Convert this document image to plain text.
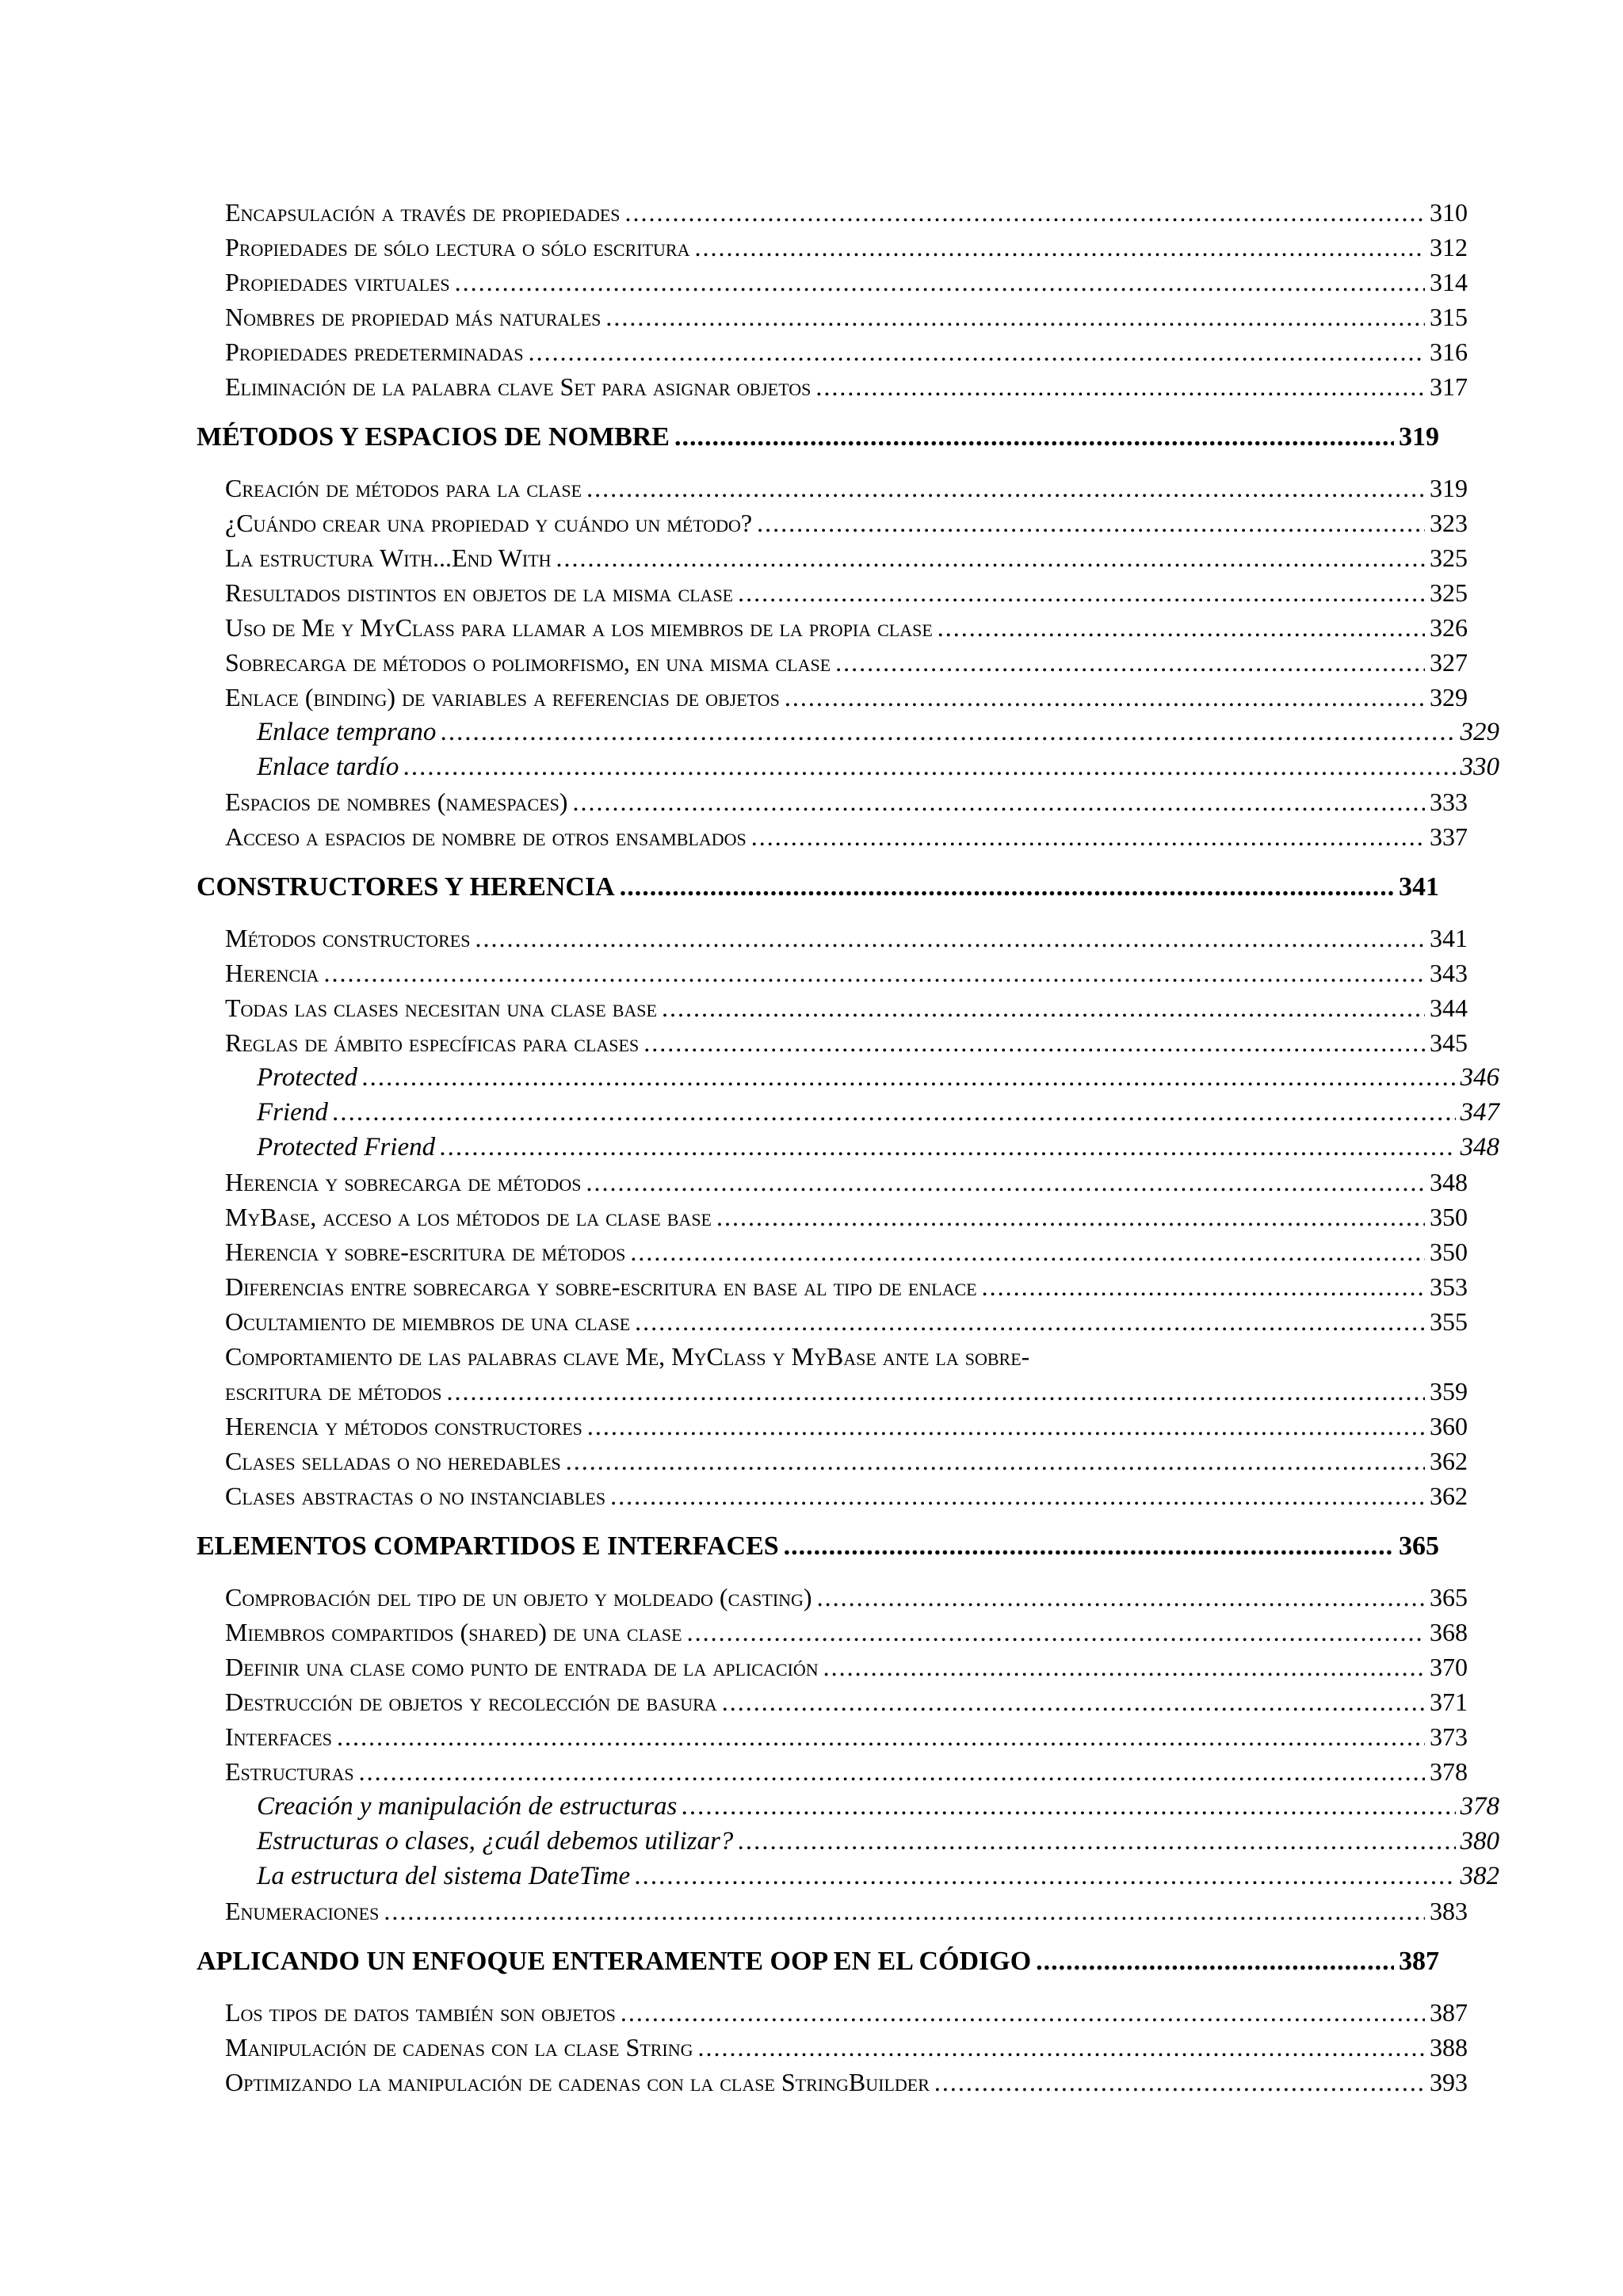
Encapsulación a través de propiedades .....	310
Propiedades de sólo lectura o sólo escritura .....	312
Propiedades virtuales .....	314
Nombres de propiedad más naturales .....	315
Propiedades predeterminadas .....	316
Eliminación de la palabra clave Set para asignar objetos .....	317
MÉTODOS Y ESPACIOS DE NOMBRE .....	319
Creación de métodos para la clase .....	319
¿Cuándo crear una propiedad y cuándo un método? .....	323
La estructura With...End With .....	325
Resultados distintos en objetos de la misma clase .....	325
Uso de Me y MyClass para llamar a los miembros de la propia clase .....	326
Sobrecarga de métodos o polimorfismo, en una misma clase .....	327
Enlace (binding) de variables a referencias de objetos .....	329
Enlace temprano .....	329
Enlace tardío .....	330
Espacios de nombres (namespaces) .....	333
Acceso a espacios de nombre de otros ensamblados .....	337
CONSTRUCTORES Y HERENCIA .....	341
Métodos constructores .....	341
Herencia .....	343
Todas las clases necesitan una clase base .....	344
Reglas de ámbito específicas para clases .....	345
Protected .....	346
Friend .....	347
Protected Friend .....	348
Herencia y sobrecarga de métodos .....	348
MyBase, acceso a los métodos de la clase base .....	350
Herencia y sobre-escritura de métodos .....	350
Diferencias entre sobrecarga y sobre-escritura en base al tipo de enlace .....	353
Ocultamiento de miembros de una clase .....	355
Comportamiento de las palabras clave Me, MyClass y MyBase ante la sobre-
escritura de métodos .....	359
Herencia y métodos constructores .....	360
Clases selladas o no heredables .....	362
Clases abstractas o no instanciables .....	362
ELEMENTOS COMPARTIDOS E INTERFACES .....	365
Comprobación del tipo de un objeto y moldeado (casting) .....	365
Miembros compartidos (shared) de una clase .....	368
Definir una clase como punto de entrada de la aplicación .....	370
Destrucción de objetos y recolección de basura .....	371
Interfaces .....	373
Estructuras .....	378
Creación y manipulación de estructuras .....	378
Estructuras o clases, ¿cuál debemos utilizar? .....	380
La estructura del sistema DateTime .....	382
Enumeraciones .....	383
APLICANDO UN ENFOQUE ENTERAMENTE OOP EN EL CÓDIGO .....	387
Los tipos de datos también son objetos .....	387
Manipulación de cadenas con la clase String .....	388
Optimizando la manipulación de cadenas con la clase StringBuilder .....	393
